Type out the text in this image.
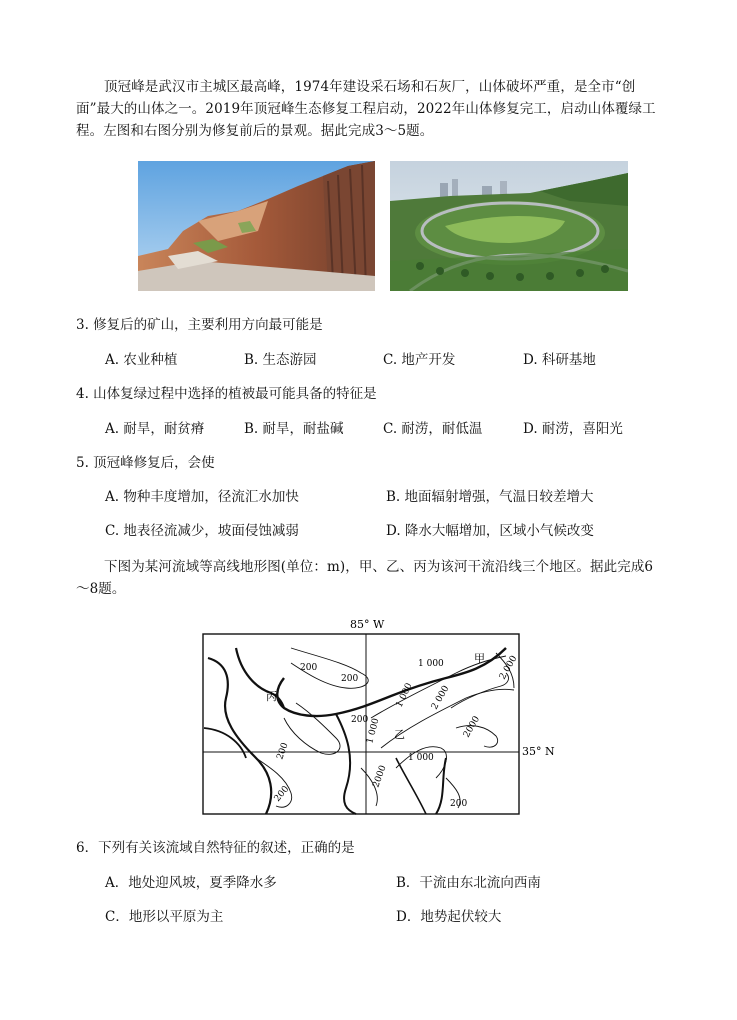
顶冠峰是武汉市主城区最高峰，1974年建设采石场和石灰厂，山体破坏严重，是全市“创面”最大的山体之一。2019年顶冠峰生态修复工程启动，2022年山体修复完工，启动山体覆绿工程。左图和右图分别为修复前后的景观。据此完成3～5题。

3. 修复后的矿山，主要利用方向最可能是

A. 农业种植	B. 生态游园	C. 地产开发	D. 科研基地

4. 山体复绿过程中选择的植被最可能具备的特征是

A. 耐旱，耐贫瘠	B. 耐旱，耐盐碱	C. 耐涝，耐低温	D. 耐涝，喜阳光

5. 顶冠峰修复后，会使

A. 物种丰度增加，径流汇水加快	B. 地面辐射增强，气温日较差增大

C. 地表径流减少，坡面侵蚀减弱	D. 降水大幅增加，区域小气候改变

下图为某河流域等高线地形图(单位：m)，甲、乙、丙为该河干流沿线三个地区。据此完成6～8题。

85° W
35° N
200
200
200
200
200
200
1 000
1 000
1 000
1 000
2 000
2 000
2000
2000
甲
乙
丙

6．下列有关该流域自然特征的叙述，正确的是

A．地处迎风坡，夏季降水多	B．干流由东北流向西南

C．地形以平原为主	D．地势起伏较大
